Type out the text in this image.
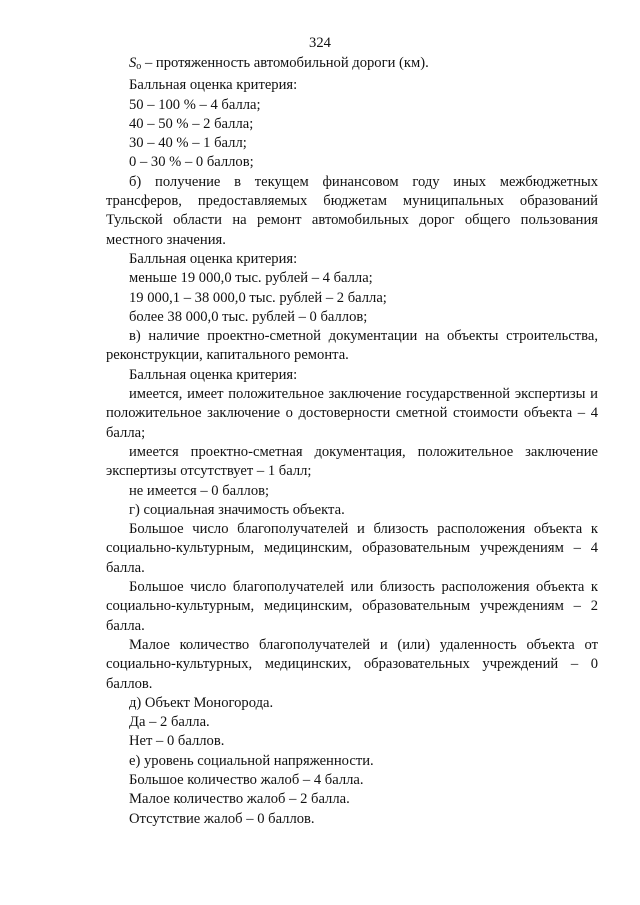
324

$S_o$ – протяженность автомобильной дороги (км).

Балльная оценка критерия:

50 – 100 % – 4 балла;

40 – 50 % – 2 балла;

30 – 40 % – 1 балл;

0 – 30 % – 0 баллов;

б) получение в текущем финансовом году иных межбюджетных трансферов, предоставляемых бюджетам муниципальных образований Тульской области на ремонт автомобильных дорог общего пользования местного значения.

Балльная оценка критерия:

меньше 19 000,0 тыс. рублей – 4 балла;

19 000,1 – 38 000,0 тыс. рублей – 2 балла;

более 38 000,0 тыс. рублей – 0 баллов;

в) наличие проектно-сметной документации на объекты строительства, реконструкции, капитального ремонта.

Балльная оценка критерия:

имеется, имеет положительное заключение государственной экспертизы и положительное заключение о достоверности сметной стоимости объекта – 4 балла;

имеется проектно-сметная документация, положительное заключение экспертизы отсутствует – 1 балл;

не имеется – 0 баллов;

г) социальная значимость объекта.

Большое число благополучателей и близость расположения объекта к социально-культурным, медицинским, образовательным учреждениям – 4 балла.

Большое число благополучателей или близость расположения объекта к социально-культурным, медицинским, образовательным учреждениям – 2 балла.

Малое количество благополучателей и (или) удаленность объекта от социально-культурных, медицинских, образовательных учреждений – 0 баллов.

д) Объект Моногорода.

Да – 2 балла.

Нет – 0 баллов.

е) уровень социальной напряженности.

Большое количество жалоб – 4 балла.

Малое количество жалоб – 2 балла.

Отсутствие жалоб – 0 баллов.
